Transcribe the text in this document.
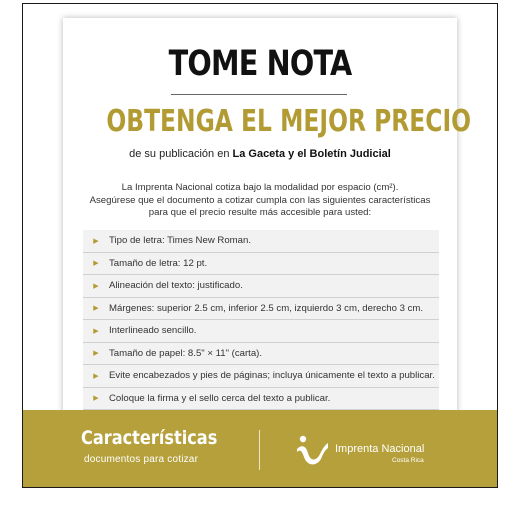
TOME NOTA
OBTENGA EL MEJOR PRECIO
de su publicación en La Gaceta y el Boletín Judicial
La Imprenta Nacional cotiza bajo la modalidad por espacio (cm²).
Asegúrese que el documento a cotizar cumpla con las siguientes características
para que el precio resulte más accesible para usted:
▶	Tipo de letra: Times New Roman.
▶	Tamaño de letra: 12 pt.
▶	Alineación del texto: justificado.
▶	Márgenes: superior 2.5 cm, inferior 2.5 cm, izquierdo 3 cm, derecho 3 cm.
▶	Interlineado sencillo.
▶	Tamaño de papel: 8.5" × 11" (carta).
▶	Evite encabezados y pies de páginas; incluya únicamente el texto a publicar.
▶	Coloque la firma y el sello cerca del texto a publicar.
Características
documentos para cotizar
Imprenta Nacional
Costa Rica
